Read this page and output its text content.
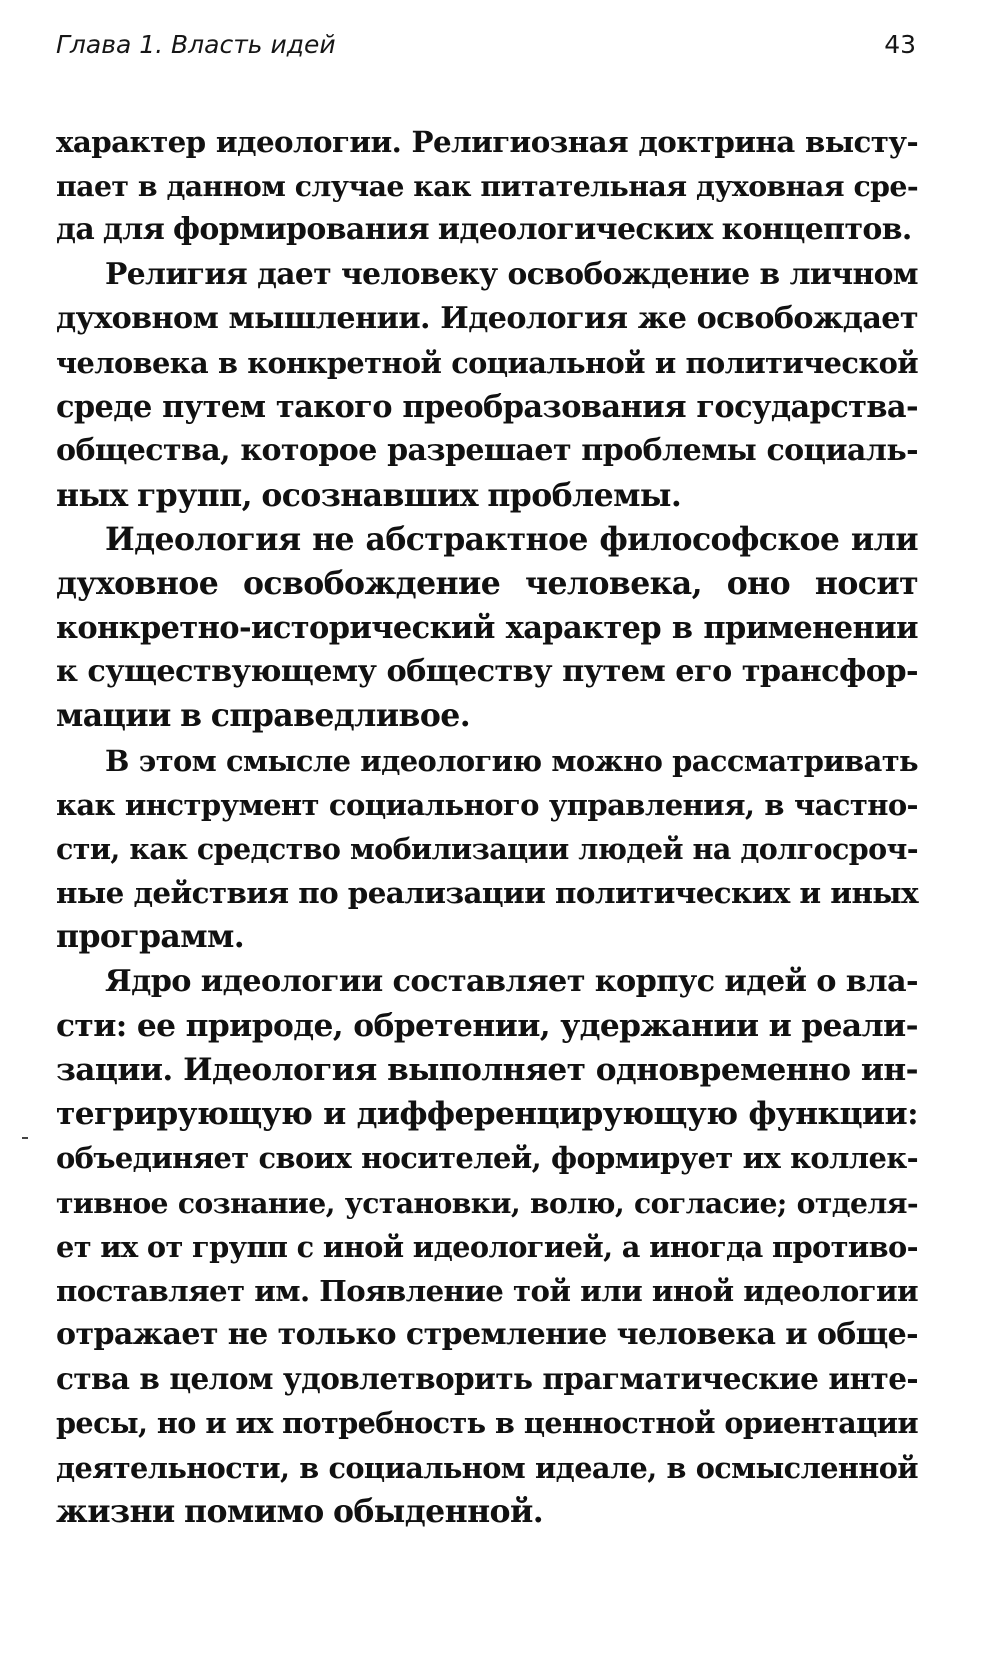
Глава 1. Власть идей	43
характер идеологии. Религиозная доктрина высту-
пает в данном случае как питательная духовная сре-
да для формирования идеологических концептов.
Религия дает человеку освобождение в личном
духовном мышлении. Идеология же освобождает
человека в конкретной социальной и политической
среде путем такого преобразования государства-
общества, которое разрешает проблемы социаль-
ных групп, осознавших проблемы.
Идеология не абстрактное философское или
духовное освобождение человека, оно носит
конкретно-исторический характер в применении
к существующему обществу путем его трансфор-
мации в справедливое.
В этом смысле идеологию можно рассматривать
как инструмент социального управления, в частно-
сти, как средство мобилизации людей на долгосроч-
ные действия по реализации политических и иных
программ.
Ядро идеологии составляет корпус идей о вла-
сти: ее природе, обретении, удержании и реали-
зации. Идеология выполняет одновременно ин-
тегрирующую и дифференцирующую функции:
объединяет своих носителей, формирует их коллек-
тивное сознание, установки, волю, согласие; отделя-
ет их от групп с иной идеологией, а иногда противо-
поставляет им. Появление той или иной идеологии
отражает не только стремление человека и обще-
ства в целом удовлетворить прагматические инте-
ресы, но и их потребность в ценностной ориентации
деятельности, в социальном идеале, в осмысленной
жизни помимо обыденной.
